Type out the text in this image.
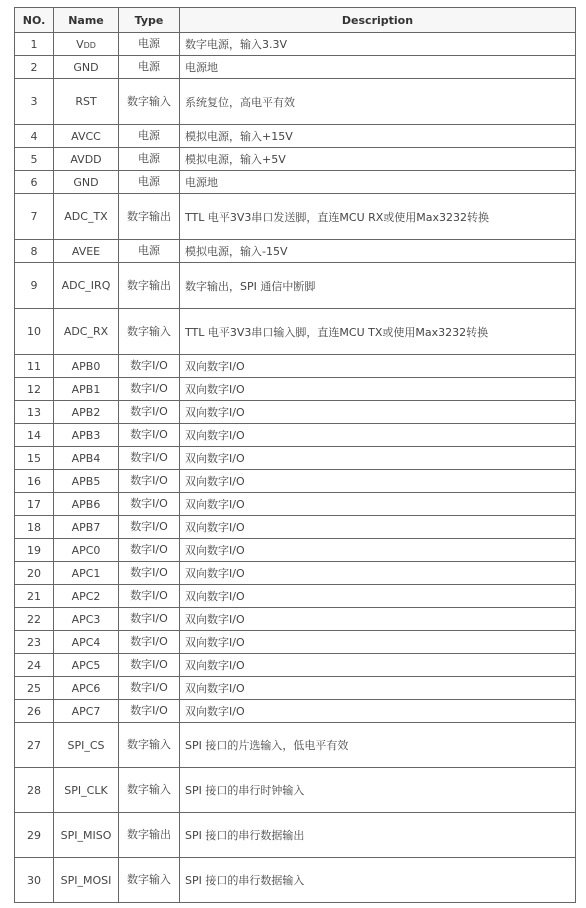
NO.	Name	Type	Description
1	VDD	电源	数字电源，输入3.3V
2	GND	电源	电源地
3	RST	数字输入	系统复位，高电平有效
4	AVCC	电源	模拟电源，输入+15V
5	AVDD	电源	模拟电源，输入+5V
6	GND	电源	电源地
7	ADC_TX	数字输出	TTL 电平3V3串口发送脚，直连MCU RX或使用Max3232转换
8	AVEE	电源	模拟电源，输入-15V
9	ADC_IRQ	数字输出	数字输出，SPI 通信中断脚
10	ADC_RX	数字输入	TTL 电平3V3串口输入脚，直连MCU TX或使用Max3232转换
11	APB0	数字I/O	双向数字I/O
12	APB1	数字I/O	双向数字I/O
13	APB2	数字I/O	双向数字I/O
14	APB3	数字I/O	双向数字I/O
15	APB4	数字I/O	双向数字I/O
16	APB5	数字I/O	双向数字I/O
17	APB6	数字I/O	双向数字I/O
18	APB7	数字I/O	双向数字I/O
19	APC0	数字I/O	双向数字I/O
20	APC1	数字I/O	双向数字I/O
21	APC2	数字I/O	双向数字I/O
22	APC3	数字I/O	双向数字I/O
23	APC4	数字I/O	双向数字I/O
24	APC5	数字I/O	双向数字I/O
25	APC6	数字I/O	双向数字I/O
26	APC7	数字I/O	双向数字I/O
27	SPI_CS	数字输入	SPI 接口的片选输入，低电平有效
28	SPI_CLK	数字输入	SPI 接口的串行时钟输入
29	SPI_MISO	数字输出	SPI 接口的串行数据输出
30	SPI_MOSI	数字输入	SPI 接口的串行数据输入
